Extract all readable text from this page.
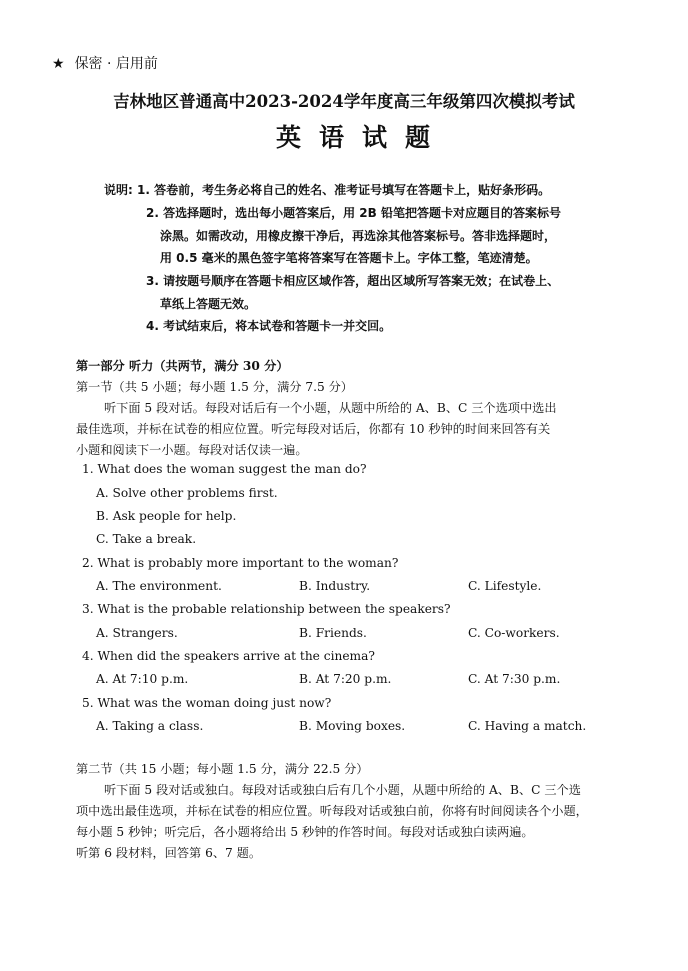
★ 保密 · 启用前
吉林地区普通高中2023-2024学年度高三年级第四次模拟考试
英语试题
说明: 1. 答卷前，考生务必将自己的姓名、准考证号填写在答题卡上，贴好条形码。
2. 答选择题时，选出每小题答案后，用 2B 铅笔把答题卡对应题目的答案标号
涂黑。如需改动，用橡皮擦干净后，再选涂其他答案标号。答非选择题时，
用 0.5 毫米的黑色签字笔将答案写在答题卡上。字体工整，笔迹清楚。
3. 请按题号顺序在答题卡相应区域作答，超出区域所写答案无效；在试卷上、
草纸上答题无效。
4. 考试结束后，将本试卷和答题卡一并交回。
第一部分 听力（共两节，满分 30 分）
第一节（共 5 小题；每小题 1.5 分，满分 7.5 分）
听下面 5 段对话。每段对话后有一个小题，从题中所给的 A、B、C 三个选项中选出
最佳选项，并标在试卷的相应位置。听完每段对话后，你都有 10 秒钟的时间来回答有关
小题和阅读下一小题。每段对话仅读一遍。
1. What does the woman suggest the man do?
A. Solve other problems first.
B. Ask people for help.
C. Take a break.
2. What is probably more important to the woman?
A. The environment.	B. Industry.	C. Lifestyle.
3. What is the probable relationship between the speakers?
A. Strangers.	B. Friends.	C. Co-workers.
4. When did the speakers arrive at the cinema?
A. At 7:10 p.m.	B. At 7:20 p.m.	C. At 7:30 p.m.
5. What was the woman doing just now?
A. Taking a class.	B. Moving boxes.	C. Having a match.
第二节（共 15 小题；每小题 1.5 分，满分 22.5 分）
听下面 5 段对话或独白。每段对话或独白后有几个小题，从题中所给的 A、B、C 三个选
项中选出最佳选项，并标在试卷的相应位置。听每段对话或独白前，你将有时间阅读各个小题，
每小题 5 秒钟；听完后，各小题将给出 5 秒钟的作答时间。每段对话或独白读两遍。
听第 6 段材料，回答第 6、7 题。
